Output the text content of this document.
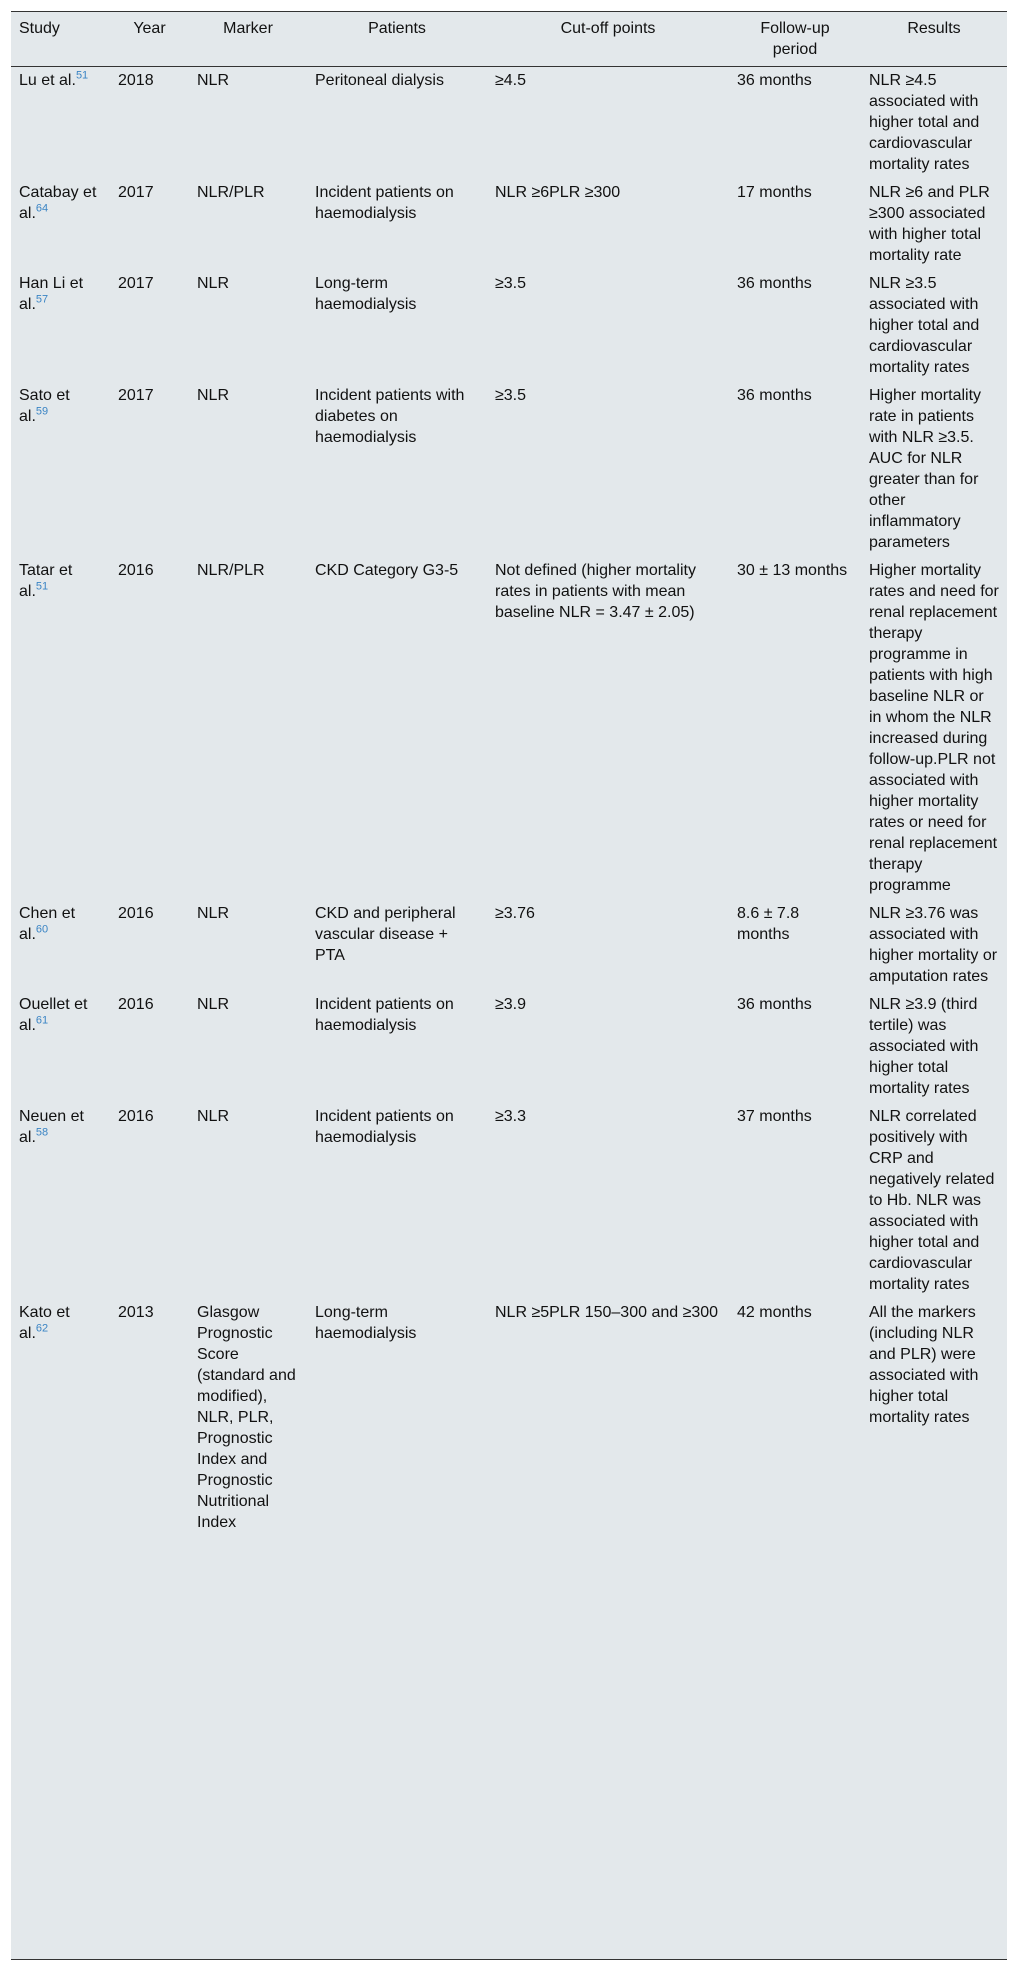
Study	Year	Marker	Patients	Cut-off points	Follow-up period	Results
Lu et al.$^{51}$	2018	NLR	Peritoneal dialysis	≥4.5	36 months	NLR ≥4.5 associated with higher total and cardiovascular mortality rates
Catabay et al.$^{64}$	2017	NLR/PLR	Incident patients on haemodialysis	NLR ≥6PLR ≥300	17 months	NLR ≥6 and PLR ≥300 associated with higher total mortality rate
Han Li et al.$^{57}$	2017	NLR	Long-term haemodialysis	≥3.5	36 months	NLR ≥3.5 associated with higher total and cardiovascular mortality rates
Sato et al.$^{59}$	2017	NLR	Incident patients with diabetes on haemodialysis	≥3.5	36 months	Higher mortality rate in patients with NLR ≥3.5. AUC for NLR greater than for other inflammatory parameters
Tatar et al.$^{51}$	2016	NLR/PLR	CKD Category G3-5	Not defined (higher mortality rates in patients with mean baseline NLR = 3.47 ± 2.05)	30 ± 13 months	Higher mortality rates and need for renal replacement therapy programme in patients with high baseline NLR or in whom the NLR increased during follow-up.PLR not associated with higher mortality rates or need for renal replacement therapy programme
Chen et al.$^{60}$	2016	NLR	CKD and peripheral vascular disease + PTA	≥3.76	8.6 ± 7.8 months	NLR ≥3.76 was associated with higher mortality or amputation rates
Ouellet et al.$^{61}$	2016	NLR	Incident patients on haemodialysis	≥3.9	36 months	NLR ≥3.9 (third tertile) was associated with higher total mortality rates
Neuen et al.$^{58}$	2016	NLR	Incident patients on haemodialysis	≥3.3	37 months	NLR correlated positively with CRP and negatively related to Hb. NLR was associated with higher total and cardiovascular mortality rates
Kato et al.$^{62}$	2013	Glasgow Prognostic Score (standard and modified), NLR, PLR, Prognostic Index and Prognostic Nutritional Index	Long-term haemodialysis	NLR ≥5PLR 150–300 and ≥300	42 months	All the markers (including NLR and PLR) were associated with higher total mortality rates
